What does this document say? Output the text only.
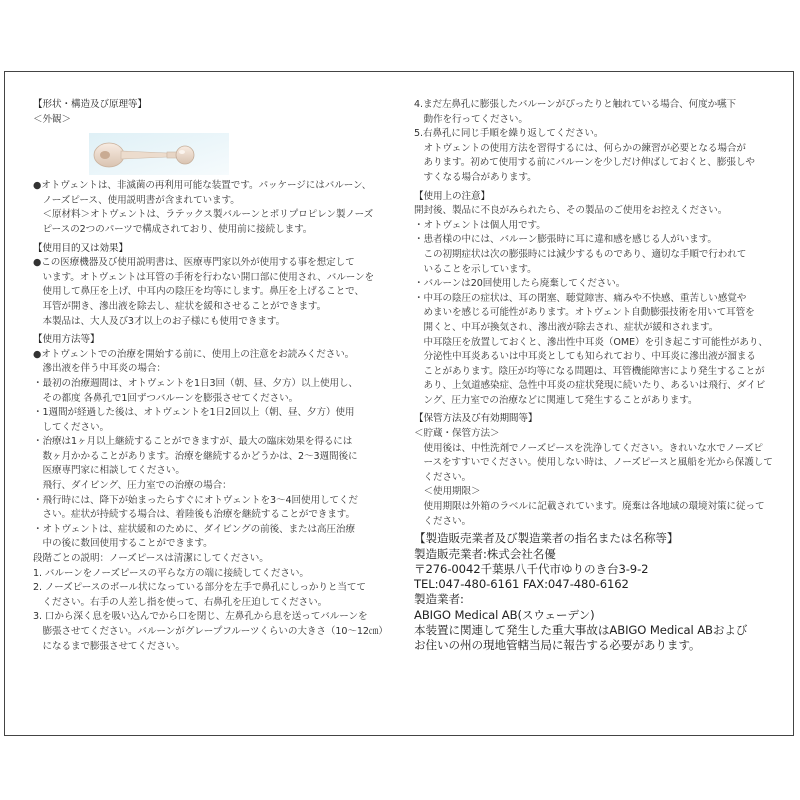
【形状・構造及び原理等】
＜外観＞
●オトヴェントは、非滅菌の再利用可能な装置です。パッケージにはバルーン、
　ノーズピース、使用説明書が含まれています。
　＜原材料＞オトヴェントは、ラテックス製バルーンとポリプロピレン製ノーズ
　ピースの2つのパーツで構成されており、使用前に接続します。
【使用目的又は効果】
●この医療機器及び使用説明書は、医療専門家以外が使用する事を想定して
　います。オトヴェントは耳管の手術を行わない開口部に使用され、バルーンを
　使用して鼻圧を上げ、中耳内の陰圧を均等にします。鼻圧を上げることで、
　耳管が開き、滲出液を除去し、症状を緩和させることができます。
　本製品は、大人及び3才以上のお子様にも使用できます。
【使用方法等】
●オトヴェントでの治療を開始する前に、使用上の注意をお読みください。
　滲出液を伴う中耳炎の場合：
・最初の治療週間は、オトヴェントを1日3回（朝、昼、夕方）以上使用し、
　その都度 各鼻孔で1回ずつバルーンを膨張させてください。
・1週間が経過した後は、オトヴェントを1日2回以上（朝、昼、夕方）使用
　してください。
・治療は1ヶ月以上継続することができますが、最大の臨床効果を得るには
　数ヶ月かかることがあります。治療を継続するかどうかは、2～3週間後に
　医療専門家に相談してください。
　飛行、ダイビング、圧力室での治療の場合：
・飛行時には、降下が始まったらすぐにオトヴェントを3～4回使用してくだ
　さい。症状が持続する場合は、着陸後も治療を継続することができます。
・オトヴェントは、症状緩和のために、ダイビングの前後、または高圧治療
　中の後に数回使用することができます。
段階ごとの説明：ノーズピースは清潔にしてください。
1. バルーンをノーズピースの平らな方の端に接続してください。
2. ノーズピースのボール状になっている部分を左手で鼻孔にしっかりと当てて
　ください。右手の人差し指を使って、右鼻孔を圧迫してください。
3. 口から深く息を吸い込んでから口を閉じ、左鼻孔から息を送ってバルーンを
　膨張させてください。バルーンがグレープフルーツくらいの大きさ（10～12㎝）
　になるまで膨張させてください。
4.まだ左鼻孔に膨張したバルーンがぴったりと触れている場合、何度か嚥下
　動作を行ってください。
5.右鼻孔に同じ手順を繰り返してください。
　オトヴェントの使用方法を習得するには、何らかの練習が必要となる場合が
　あります。初めて使用する前にバルーンを少しだけ伸ばしておくと、膨張しや
　すくなる場合があります。
【使用上の注意】
開封後、製品に不良がみられたら、その製品のご使用をお控えください。
・オトヴェントは個人用です。
・患者様の中には、バルーン膨張時に耳に違和感を感じる人がいます。
　この初期症状は次の膨張時には減少するものであり、適切な手順で行われて
　いることを示しています。
・バルーンは20回使用したら廃棄してください。
・中耳の陰圧の症状は、耳の閉塞、聴覚障害、痛みや不快感、重苦しい感覚や
　めまいを感じる可能性があります。オトヴェント自動膨張技術を用いて耳管を
　開くと、中耳が換気され、滲出液が除去され、症状が緩和されます。
　中耳陰圧を放置しておくと、滲出性中耳炎（OME）を引き起こす可能性があり、
　分泌性中耳炎あるいは中耳炎としても知られており、中耳炎に滲出液が溜まる
　ことがあります。陰圧が均等になる問題は、耳管機能障害により発生することが
　あり、上気道感染症、急性中耳炎の症状発現に続いたり、あるいは飛行、ダイビ
　ング、圧力室での治療などに関連して発生することがあります。
【保管方法及び有効期間等】
＜貯蔵・保管方法＞
　使用後は、中性洗剤でノーズピースを洗浄してください。きれいな水でノーズピ
　ースをすすいでください。使用しない時は、ノーズピースと風船を光から保護して
　ください。
　＜使用期限＞
　使用期限は外箱のラベルに記載されています。廃棄は各地域の環境対策に従って
　ください。
【製造販売業者及び製造業者の指名または名称等】
製造販売業者:株式会社名優
〒276-0042千葉県八千代市ゆりのき台3-9-2
TEL:047-480-6161 FAX:047-480-6162
製造業者:
ABIGO Medical AB(スウェーデン)
本装置に関連して発生した重大事故はABIGO Medical ABおよび
お住いの州の現地管轄当局に報告する必要があります。
